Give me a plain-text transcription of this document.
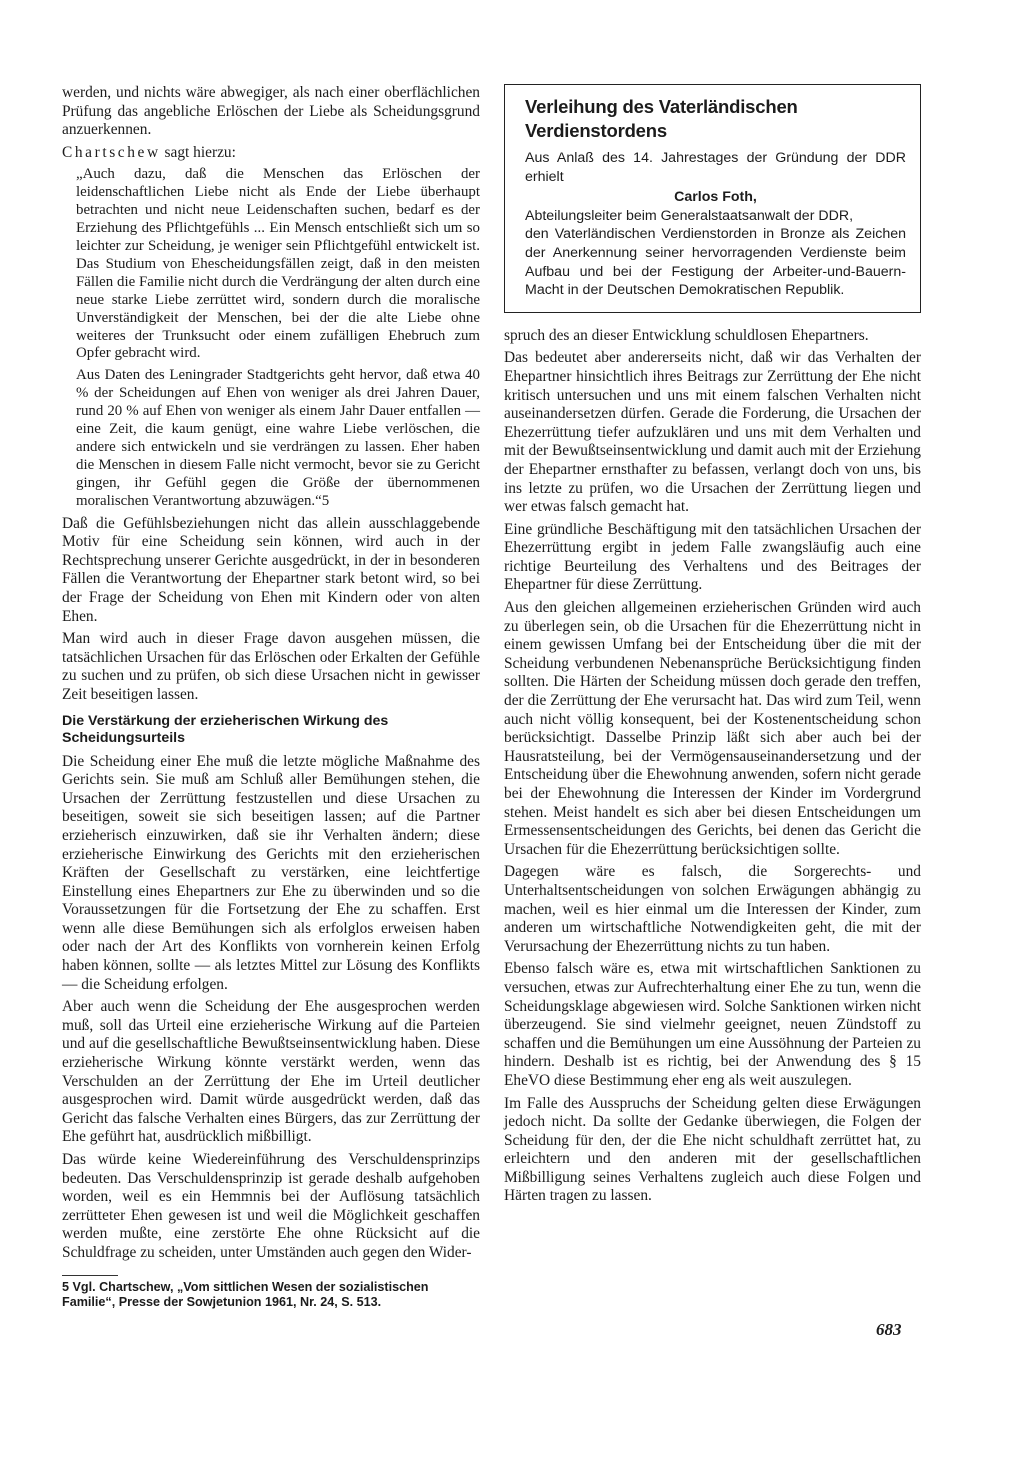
werden, und nichts wäre abwegiger, als nach einer oberflächlichen Prüfung das angebliche Erlöschen der Liebe als Scheidungsgrund anzuerkennen.

Chartschew sagt hierzu:

„Auch dazu, daß die Menschen das Erlöschen der leidenschaftlichen Liebe nicht als Ende der Liebe überhaupt betrachten und nicht neue Leidenschaften suchen, bedarf es der Erziehung des Pflichtgefühls ... Ein Mensch entschließt sich um so leichter zur Scheidung, je weniger sein Pflichtgefühl entwickelt ist. Das Studium von Ehescheidungsfällen zeigt, daß in den meisten Fällen die Familie nicht durch die Verdrängung der alten durch eine neue starke Liebe zerrüttet wird, sondern durch die moralische Unverständigkeit der Menschen, bei der die alte Liebe ohne weiteres der Trunksucht oder einem zufälligen Ehebruch zum Opfer gebracht wird.

Aus Daten des Leningrader Stadtgerichts geht hervor, daß etwa 40 % der Scheidungen auf Ehen von weniger als drei Jahren Dauer, rund 20 % auf Ehen von weniger als einem Jahr Dauer entfallen — eine Zeit, die kaum genügt, eine wahre Liebe verlöschen, die andere sich entwickeln und sie verdrängen zu lassen. Eher haben die Menschen in diesem Falle nicht vermocht, bevor sie zu Gericht gingen, ihr Gefühl gegen die Größe der übernommenen moralischen Verantwortung abzuwägen.“5

Daß die Gefühlsbeziehungen nicht das allein ausschlaggebende Motiv für eine Scheidung sein können, wird auch in der Rechtsprechung unserer Gerichte ausgedrückt, in der in besonderen Fällen die Verantwortung der Ehepartner stark betont wird, so bei der Frage der Scheidung von Ehen mit Kindern oder von alten Ehen.

Man wird auch in dieser Frage davon ausgehen müssen, die tatsächlichen Ursachen für das Erlöschen oder Erkalten der Gefühle zu suchen und zu prüfen, ob sich diese Ursachen nicht in gewisser Zeit beseitigen lassen.

Die Verstärkung der erzieherischen Wirkung des Scheidungsurteils

Die Scheidung einer Ehe muß die letzte mögliche Maßnahme des Gerichts sein. Sie muß am Schluß aller Bemühungen stehen, die Ursachen der Zerrüttung festzustellen und diese Ursachen zu beseitigen, soweit sie sich beseitigen lassen; auf die Partner erzieherisch einzuwirken, daß sie ihr Verhalten ändern; diese erzieherische Einwirkung des Gerichts mit den erzieherischen Kräften der Gesellschaft zu verstärken, eine leichtfertige Einstellung eines Ehepartners zur Ehe zu überwinden und so die Voraussetzungen für die Fortsetzung der Ehe zu schaffen. Erst wenn alle diese Bemühungen sich als erfolglos erweisen haben oder nach der Art des Konflikts von vornherein keinen Erfolg haben können, sollte — als letztes Mittel zur Lösung des Konflikts — die Scheidung erfolgen.

Aber auch wenn die Scheidung der Ehe ausgesprochen werden muß, soll das Urteil eine erzieherische Wirkung auf die Parteien und auf die gesellschaftliche Bewußtseinsentwicklung haben. Diese erzieherische Wirkung könnte verstärkt werden, wenn das Verschulden an der Zerrüttung der Ehe im Urteil deutlicher ausgesprochen wird. Damit würde ausgedrückt werden, daß das Gericht das falsche Verhalten eines Bürgers, das zur Zerrüttung der Ehe geführt hat, ausdrücklich mißbilligt.

Das würde keine Wiedereinführung des Verschuldensprinzips bedeuten. Das Verschuldensprinzip ist gerade deshalb aufgehoben worden, weil es ein Hemmnis bei der Auflösung tatsächlich zerrütteter Ehen gewesen ist und weil die Möglichkeit geschaffen werden mußte, eine zerstörte Ehe ohne Rücksicht auf die Schuldfrage zu scheiden, unter Umständen auch gegen den Wider-

5 Vgl. Chartschew, „Vom sittlichen Wesen der sozialistischen Familie“, Presse der Sowjetunion 1961, Nr. 24, S. 513.
Verleihung des Vaterländischen Verdienstordens

Aus Anlaß des 14. Jahrestages der Gründung der DDR erhielt

Carlos Foth,

Abteilungsleiter beim Generalstaatsanwalt der DDR,

den Vaterländischen Verdienstorden in Bronze als Zeichen der Anerkennung seiner hervorragenden Verdienste beim Aufbau und bei der Festigung der Arbeiter-und-Bauern-Macht in der Deutschen Demokratischen Republik.

spruch des an dieser Entwicklung schuldlosen Ehepartners.

Das bedeutet aber andererseits nicht, daß wir das Verhalten der Ehepartner hinsichtlich ihres Beitrags zur Zerrüttung der Ehe nicht kritisch untersuchen und uns mit einem falschen Verhalten nicht auseinandersetzen dürfen. Gerade die Forderung, die Ursachen der Ehezerrüttung tiefer aufzuklären und uns mit dem Verhalten und mit der Bewußtseinsentwicklung und damit auch mit der Erziehung der Ehepartner ernsthafter zu befassen, verlangt doch von uns, bis ins letzte zu prüfen, wo die Ursachen der Zerrüttung liegen und wer etwas falsch gemacht hat.

Eine gründliche Beschäftigung mit den tatsächlichen Ursachen der Ehezerrüttung ergibt in jedem Falle zwangsläufig auch eine richtige Beurteilung des Verhaltens und des Beitrages der Ehepartner für diese Zerrüttung.

Aus den gleichen allgemeinen erzieherischen Gründen wird auch zu überlegen sein, ob die Ursachen für die Ehezerrüttung nicht in einem gewissen Umfang bei der Entscheidung über die mit der Scheidung verbundenen Nebenansprüche Berücksichtigung finden sollten. Die Härten der Scheidung müssen doch gerade den treffen, der die Zerrüttung der Ehe verursacht hat. Das wird zum Teil, wenn auch nicht völlig konsequent, bei der Kostenentscheidung schon berücksichtigt. Dasselbe Prinzip läßt sich aber auch bei der Hausratsteilung, bei der Vermögensauseinandersetzung und der Entscheidung über die Ehewohnung anwenden, sofern nicht gerade bei der Ehewohnung die Interessen der Kinder im Vordergrund stehen. Meist handelt es sich aber bei diesen Entscheidungen um Ermessensentscheidungen des Gerichts, bei denen das Gericht die Ursachen für die Ehezerrüttung berücksichtigen sollte.

Dagegen wäre es falsch, die Sorgerechts- und Unterhaltsentscheidungen von solchen Erwägungen abhängig zu machen, weil es hier einmal um die Interessen der Kinder, zum anderen um wirtschaftliche Notwendigkeiten geht, die mit der Verursachung der Ehezerrüttung nichts zu tun haben.

Ebenso falsch wäre es, etwa mit wirtschaftlichen Sanktionen zu versuchen, etwas zur Aufrechterhaltung einer Ehe zu tun, wenn die Scheidungsklage abgewiesen wird. Solche Sanktionen wirken nicht überzeugend. Sie sind vielmehr geeignet, neuen Zündstoff zu schaffen und die Bemühungen um eine Aussöhnung der Parteien zu hindern. Deshalb ist es richtig, bei der Anwendung des § 15 EheVO diese Bestimmung eher eng als weit auszulegen.

Im Falle des Ausspruchs der Scheidung gelten diese Erwägungen jedoch nicht. Da sollte der Gedanke überwiegen, die Folgen der Scheidung für den, der die Ehe nicht schuldhaft zerrüttet hat, zu erleichtern und den anderen mit der gesellschaftlichen Mißbilligung seines Verhaltens zugleich auch diese Folgen und Härten tragen zu lassen.

683
